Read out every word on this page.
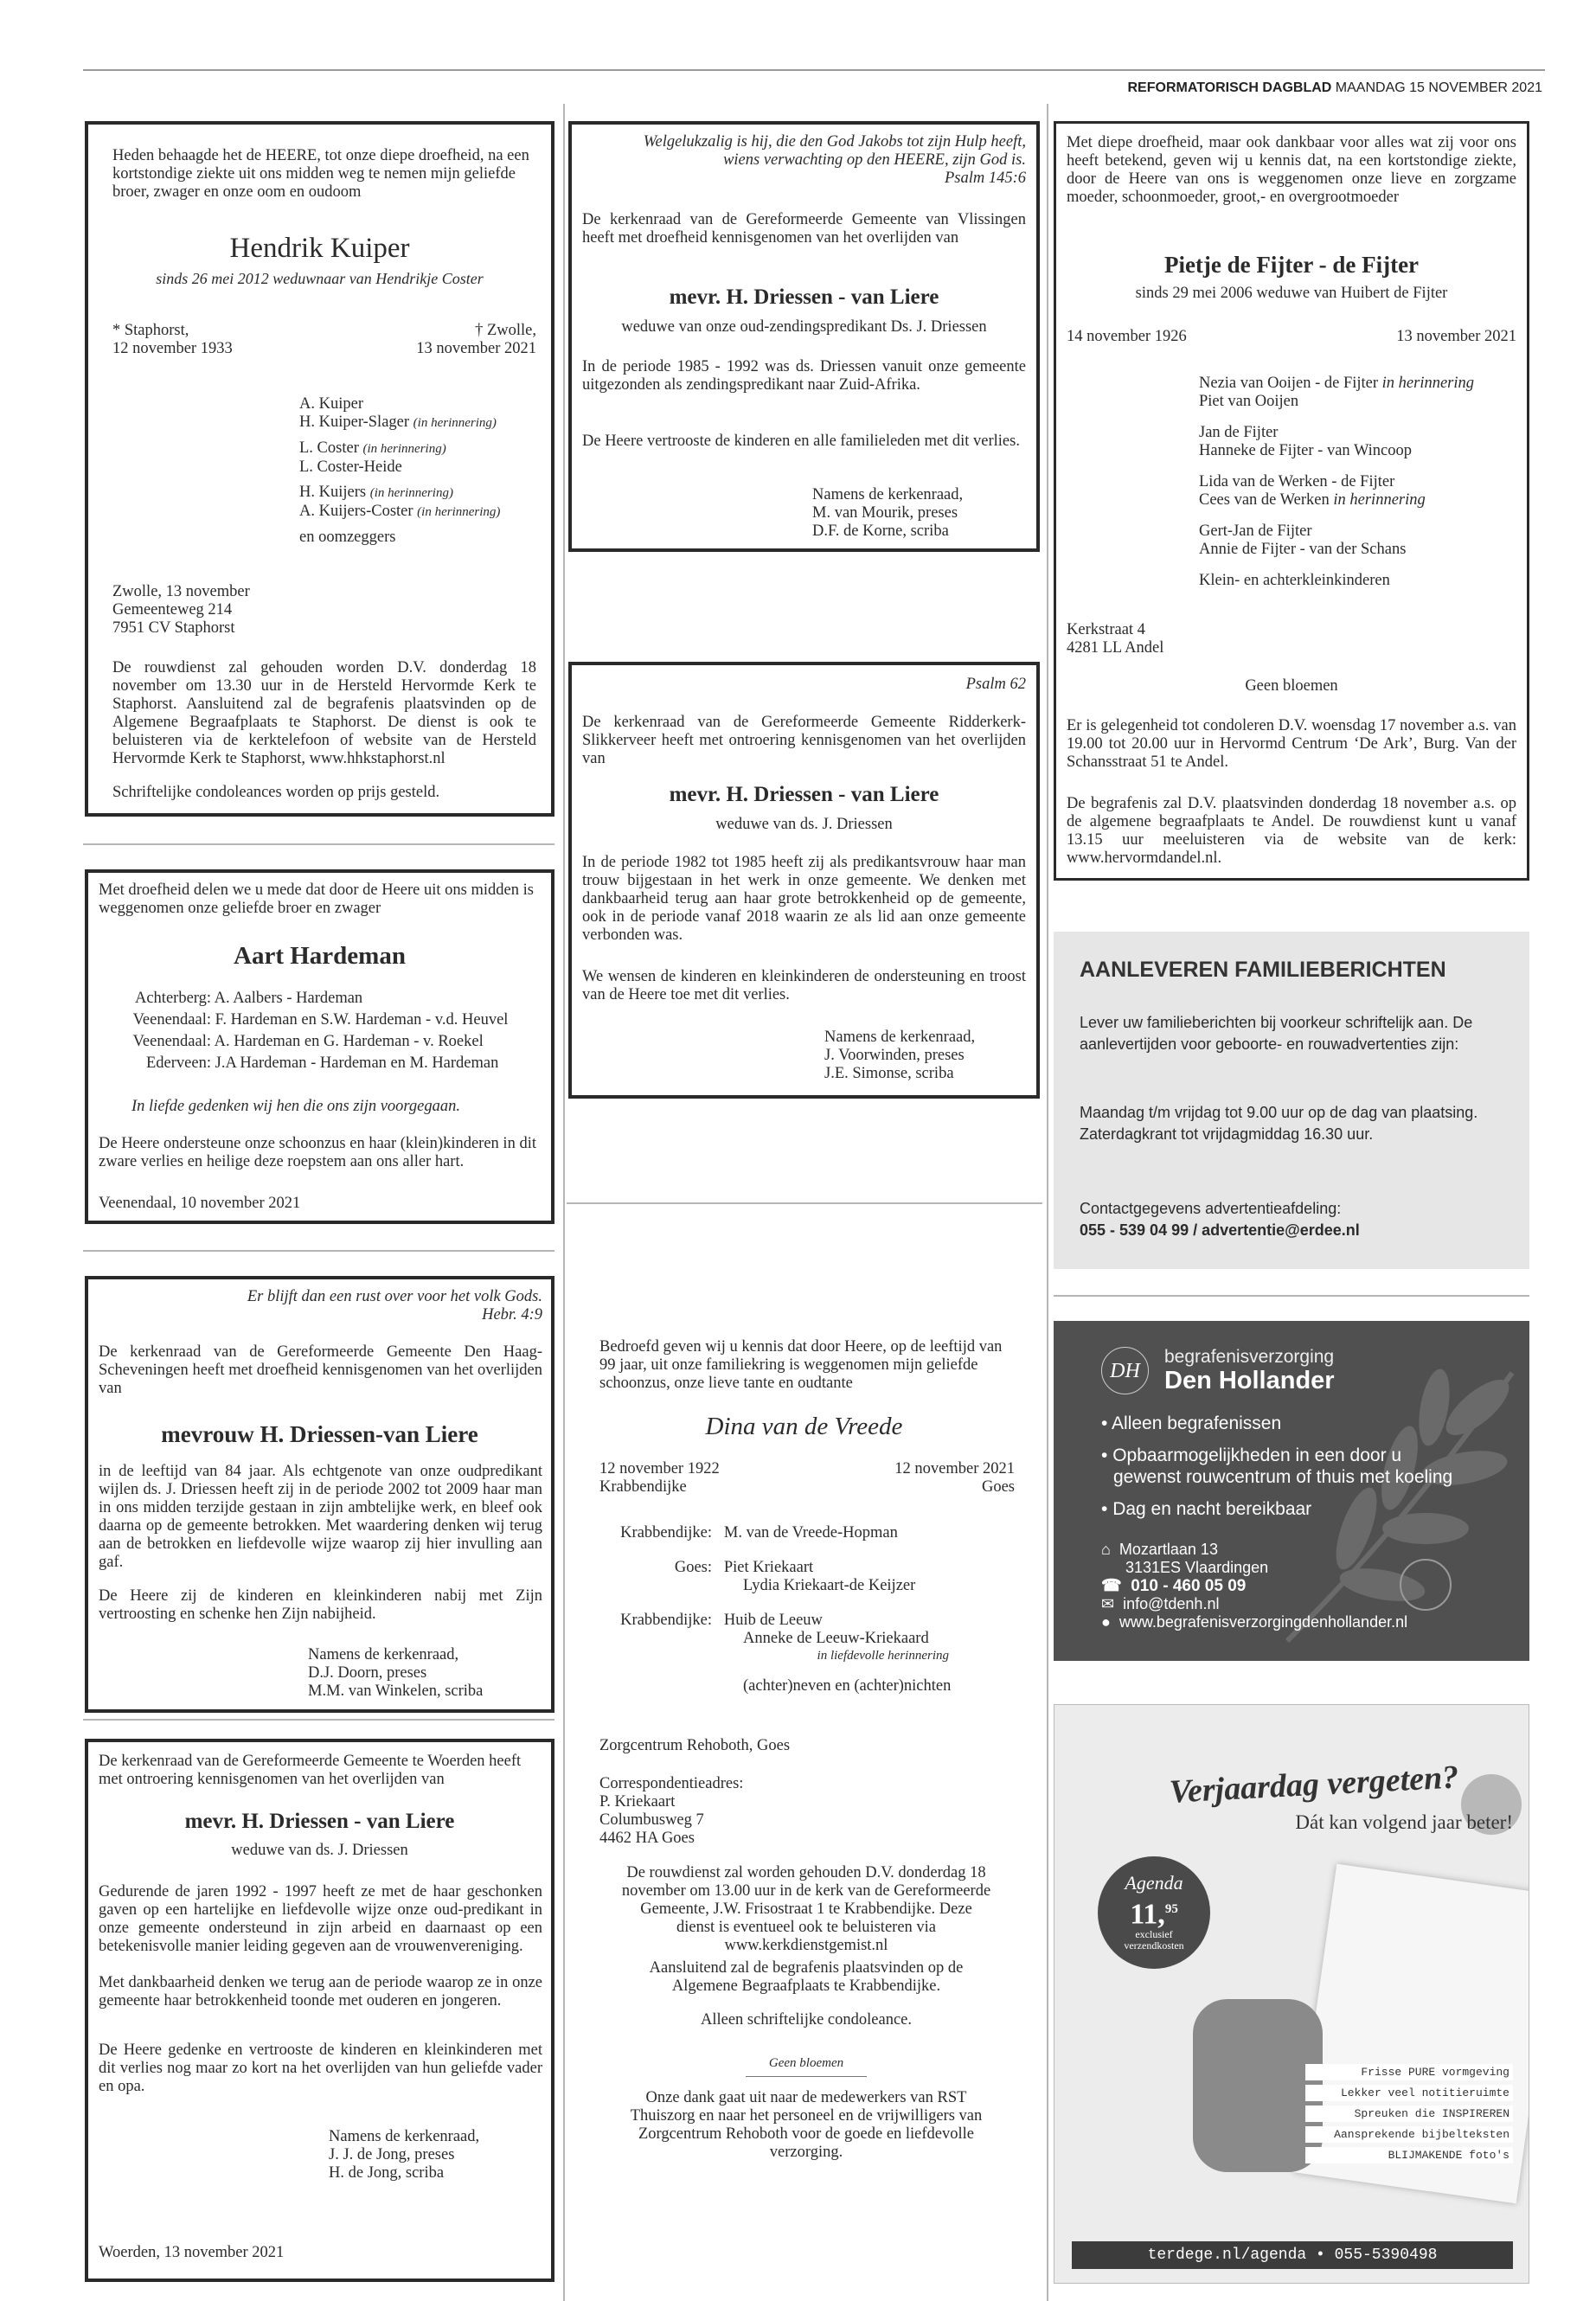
REFORMATORISCH DAGBLAD MAANDAG 15 NOVEMBER 2021
Heden behaagde het de HEERE, tot onze diepe droefheid, na een kortstondige ziekte uit ons midden weg te nemen mijn geliefde broer, zwager en onze oom en oudoom
Hendrik Kuiper
sinds 26 mei 2012 weduwnaar van Hendrikje Coster
* Staphorst,
12 november 1933
† Zwolle,
13 november 2021
A. Kuiper
H. Kuiper-Slager (in herinnering)
L. Coster (in herinnering)
L. Coster-Heide
H. Kuijers (in herinnering)
A. Kuijers-Coster (in herinnering)
en oomzeggers
Zwolle, 13 november
Gemeenteweg 214
7951 CV Staphorst
De rouwdienst zal gehouden worden D.V. donderdag 18 november om 13.30 uur in de Hersteld Hervormde Kerk te Staphorst. Aansluitend zal de begrafenis plaatsvinden op de Algemene Begraafplaats te Staphorst. De dienst is ook te beluisteren via de kerktelefoon of website van de Hersteld Hervormde Kerk te Staphorst, www.hhkstaphorst.nl
Schriftelijke condoleances worden op prijs gesteld.
Met droefheid delen we u mede dat door de Heere uit ons midden is weggenomen onze geliefde broer en zwager
Aart Hardeman
Achterberg: A. Aalbers - Hardeman
Veenendaal: F. Hardeman en S.W. Hardeman - v.d. Heuvel
Veenendaal: A. Hardeman en G. Hardeman - v. Roekel
Ederveen: J.A Hardeman - Hardeman en M. Hardeman
In liefde gedenken wij hen die ons zijn voorgegaan.
De Heere ondersteune onze schoonzus en haar (klein)kinderen in dit zware verlies en heilige deze roepstem aan ons aller hart.
Veenendaal, 10 november 2021
Welgelukzalig is hij, die den God Jakobs tot zijn Hulp heeft,
wiens verwachting op den HEERE, zijn God is.
Psalm 145:6
De kerkenraad van de Gereformeerde Gemeente van Vlissingen heeft met droefheid kennisgenomen van het overlijden van
mevr. H. Driessen - van Liere
weduwe van onze oud-zendingspredikant Ds. J. Driessen
In de periode 1985 - 1992 was ds. Driessen vanuit onze gemeente uitgezonden als zendingspredikant naar Zuid-Afrika.
De Heere vertrooste de kinderen en alle familieleden met dit verlies.
Namens de kerkenraad,
M. van Mourik, preses
D.F. de Korne, scriba
Psalm 62
De kerkenraad van de Gereformeerde Gemeente Ridderkerk-Slikkerveer heeft met ontroering kennisgenomen van het overlijden van
mevr. H. Driessen - van Liere
weduwe van ds. J. Driessen
In de periode 1982 tot 1985 heeft zij als predikantsvrouw haar man trouw bijgestaan in het werk in onze gemeente. We denken met dankbaarheid terug aan haar grote betrokkenheid op de gemeente, ook in de periode vanaf 2018 waarin ze als lid aan onze gemeente verbonden was.
We wensen de kinderen en kleinkinderen de ondersteuning en troost van de Heere toe met dit verlies.
Namens de kerkenraad,
J. Voorwinden, preses
J.E. Simonse, scriba
Met diepe droefheid, maar ook dankbaar voor alles wat zij voor ons heeft betekend, geven wij u kennis dat, na een kortstondige ziekte, door de Heere van ons is weggenomen onze lieve en zorgzame moeder, schoonmoeder, groot,- en overgrootmoeder
Pietje de Fijter - de Fijter
sinds 29 mei 2006 weduwe van Huibert de Fijter
14 november 1926	13 november 2021
Nezia van Ooijen - de Fijter in herinnering
Piet van Ooijen
Jan de Fijter
Hanneke de Fijter - van Wincoop
Lida van de Werken - de Fijter
Cees van de Werken in herinnering
Gert-Jan de Fijter
Annie de Fijter - van der Schans
Klein- en achterkleinkinderen
Kerkstraat 4
4281 LL Andel
Geen bloemen
Er is gelegenheid tot condoleren D.V. woensdag 17 november a.s. van 19.00 tot 20.00 uur in Hervormd Centrum ‘De Ark’, Burg. Van der Schansstraat 51 te Andel.
De begrafenis zal D.V. plaatsvinden donderdag 18 november a.s. op de algemene begraafplaats te Andel. De rouwdienst kunt u vanaf 13.15 uur meeluisteren via de website van de kerk: www.hervormdandel.nl.
AANLEVEREN FAMILIEBERICHTEN
Lever uw familieberichten bij voorkeur schriftelijk aan. De aanlevertijden voor geboorte- en rouwadvertenties zijn:
Maandag t/m vrijdag tot 9.00 uur op de dag van plaatsing.
Zaterdagkrant tot vrijdagmiddag 16.30 uur.
Contactgegevens advertentieafdeling:
055 - 539 04 99 / advertentie@erdee.nl
Er blijft dan een rust over voor het volk Gods.
Hebr. 4:9
De kerkenraad van de Gereformeerde Gemeente Den Haag-Scheveningen heeft met droefheid kennisgenomen van het overlijden van
mevrouw H. Driessen-van Liere
in de leeftijd van 84 jaar. Als echtgenote van onze oudpredikant wijlen ds. J. Driessen heeft zij in de periode 2002 tot 2009 haar man in ons midden terzijde gestaan in zijn ambtelijke werk, en bleef ook daarna op de gemeente betrokken. Met waardering denken wij terug aan de betrokken en liefdevolle wijze waarop zij hier invulling aan gaf.
De Heere zij de kinderen en kleinkinderen nabij met Zijn vertroosting en schenke hen Zijn nabijheid.
Namens de kerkenraad,
D.J. Doorn, preses
M.M. van Winkelen, scriba
De kerkenraad van de Gereformeerde Gemeente te Woerden heeft met ontroering kennisgenomen van het overlijden van
mevr. H. Driessen - van Liere
weduwe van ds. J. Driessen
Gedurende de jaren 1992 - 1997 heeft ze met de haar geschonken gaven op een hartelijke en liefdevolle wijze onze oud-predikant in onze gemeente ondersteund in zijn arbeid en daarnaast op een betekenisvolle manier leiding gegeven aan de vrouwenvereniging.
Met dankbaarheid denken we terug aan de periode waarop ze in onze gemeente haar betrokkenheid toonde met ouderen en jongeren.
De Heere gedenke en vertrooste de kinderen en kleinkinderen met dit verlies nog maar zo kort na het overlijden van hun geliefde vader en opa.
Namens de kerkenraad,
J. J. de Jong, preses
H. de Jong, scriba
Woerden, 13 november 2021
Bedroefd geven wij u kennis dat door Heere, op de leeftijd van 99 jaar, uit onze familiekring is weggenomen mijn geliefde schoonzus, onze lieve tante en oudtante
Dina van de Vreede
12 november 1922
Krabbendijke
12 november 2021
Goes
Krabbendijke: M. van de Vreede-Hopman
Goes: Piet Kriekaart
Lydia Kriekaart-de Keijzer
Krabbendijke: Huib de Leeuw
Anneke de Leeuw-Kriekaard
in liefdevolle herinnering
(achter)neven en (achter)nichten
Zorgcentrum Rehoboth, Goes
Correspondentieadres:
P. Kriekaart
Columbusweg 7
4462 HA Goes
De rouwdienst zal worden gehouden D.V. donderdag 18 november om 13.00 uur in de kerk van de Gereformeerde Gemeente, J.W. Frisostraat 1 te Krabbendijke. Deze dienst is eventueel ook te beluisteren via www.kerkdienstgemist.nl
Aansluitend zal de begrafenis plaatsvinden op de Algemene Begraafplaats te Krabbendijke.
Alleen schriftelijke condoleance.
Geen bloemen
Onze dank gaat uit naar de medewerkers van RST Thuiszorg en naar het personeel en de vrijwilligers van Zorgcentrum Rehoboth voor de goede en liefdevolle verzorging.
DH
begrafenisverzorging
Den Hollander
• Alleen begrafenissen
• Opbaarmogelijkheden in een door u gewenst rouwcentrum of thuis met koeling
• Dag en nacht bereikbaar
⌂ Mozartlaan 13
3131ES Vlaardingen
☎ 010 - 460 05 09
✉ info@tdenh.nl
● www.begrafenisverzorgingdenhollander.nl
Verjaardag vergeten?
Dát kan volgend jaar beter!
Agenda
11,95
exclusief
verzendkosten
Frisse PURE vormgeving
Lekker veel notitieruimte
Spreuken die INSPIREREN
Aansprekende bijbelteksten
BLIJMAKENDE foto's
terdege.nl/agenda • 055-5390498
